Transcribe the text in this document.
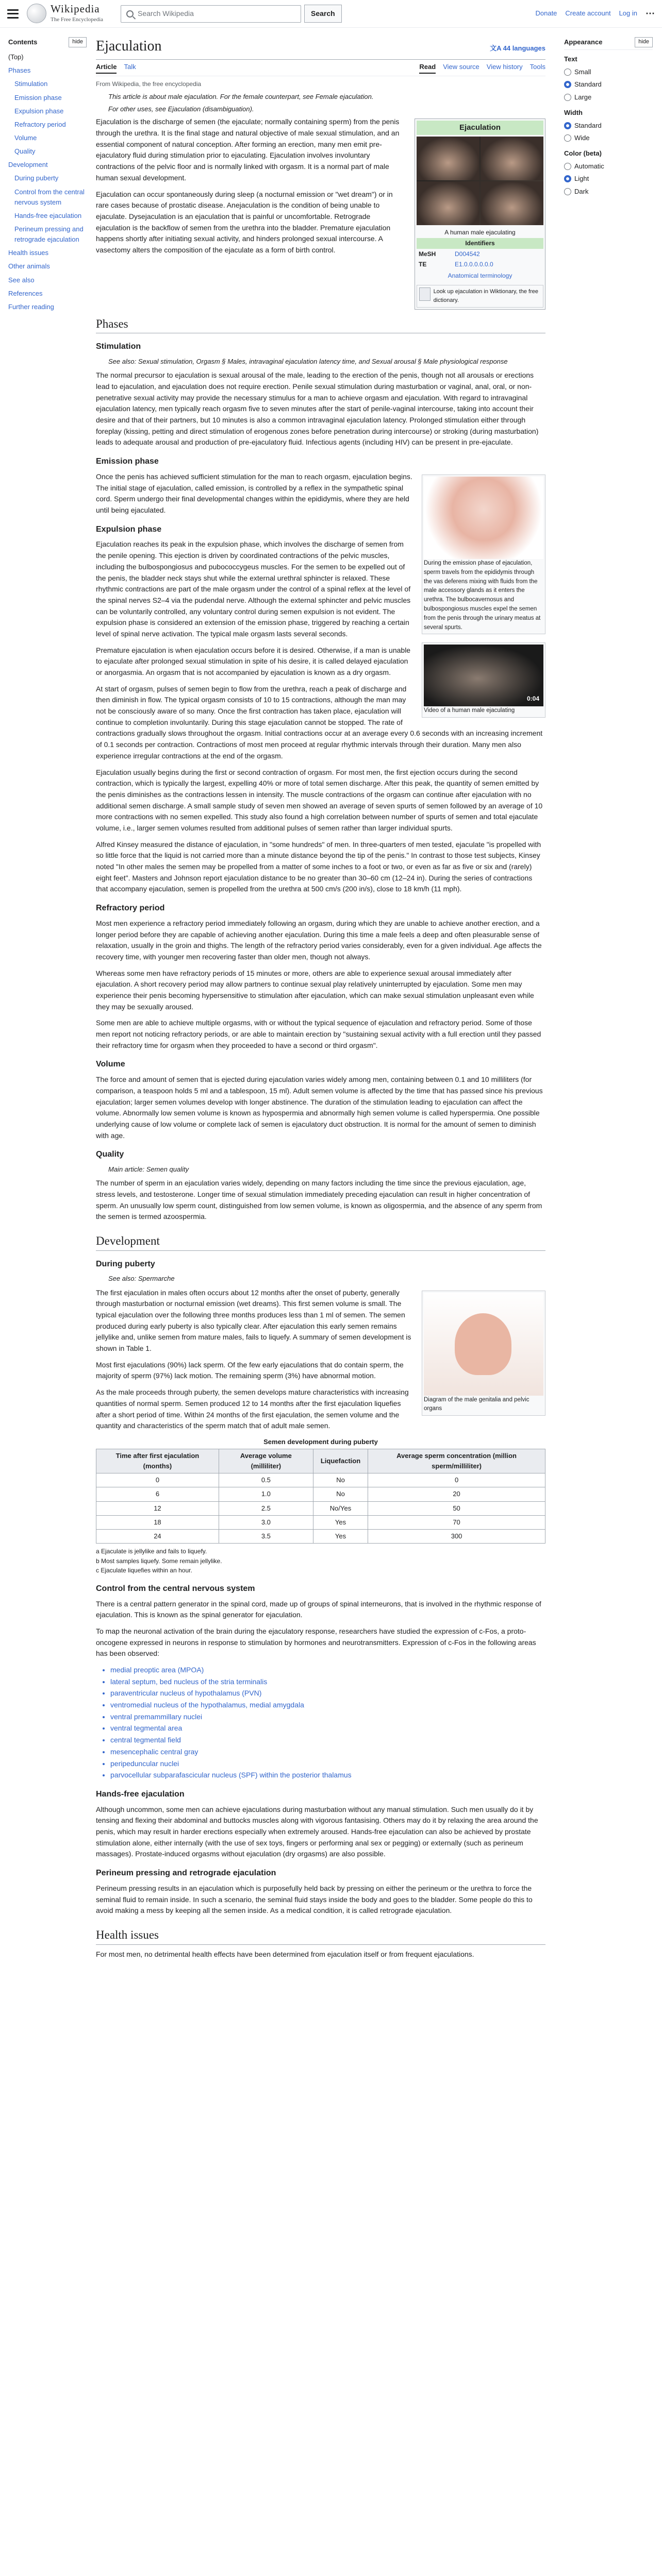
Wikipedia
The Free Encyclopedia
Search Wikipedia	Search	Donate Create account Log in ⋯
Contents	hide
(Top)
Phases
Stimulation
Emission phase
Expulsion phase
Refractory period
Volume
Quality
Development
During puberty
Control from the central nervous system
Hands-free ejaculation
Perineum pressing and retrograde ejaculation
Health issues
Other animals
See also
References
Further reading
Ejaculation	文A 44 languages
Article Talk	Read View source View history Tools
From Wikipedia, the free encyclopedia
This article is about male ejaculation. For the female counterpart, see Female ejaculation.
For other uses, see Ejaculation (disambiguation).
Ejaculation
A human male ejaculating
Identifiers
MeSH	D004542
TE	E1.0.0.0.0.0.0
Anatomical terminology
Look up ejaculation in Wiktionary, the free dictionary.

Ejaculation is the discharge of semen (the ejaculate; normally containing sperm) from the penis through the urethra. It is the final stage and natural objective of male sexual stimulation, and an essential component of natural conception. After forming an erection, many men emit pre-ejaculatory fluid during stimulation prior to ejaculating. Ejaculation involves involuntary contractions of the pelvic floor and is normally linked with orgasm. It is a normal part of male human sexual development.

Ejaculation can occur spontaneously during sleep (a nocturnal emission or "wet dream") or in rare cases because of prostatic disease. Anejaculation is the condition of being unable to ejaculate. Dysejaculation is an ejaculation that is painful or uncomfortable. Retrograde ejaculation is the backflow of semen from the urethra into the bladder. Premature ejaculation happens shortly after initiating sexual activity, and hinders prolonged sexual intercourse. A vasectomy alters the composition of the ejaculate as a form of birth control.

Phases
Stimulation
See also: Sexual stimulation, Orgasm § Males, intravaginal ejaculation latency time, and Sexual arousal § Male physiological response

The normal precursor to ejaculation is sexual arousal of the male, leading to the erection of the penis, though not all arousals or erections lead to ejaculation, and ejaculation does not require erection. Penile sexual stimulation during masturbation or vaginal, anal, oral, or non-penetrative sexual activity may provide the necessary stimulus for a man to achieve orgasm and ejaculation. With regard to intravaginal ejaculation latency, men typically reach orgasm five to seven minutes after the start of penile-vaginal intercourse, taking into account their desire and that of their partners, but 10 minutes is also a common intravaginal ejaculation latency. Prolonged stimulation either through foreplay (kissing, petting and direct stimulation of erogenous zones before penetration during intercourse) or stroking (during masturbation) leads to adequate arousal and production of pre-ejaculatory fluid. Infectious agents (including HIV) can be present in pre-ejaculate.

Emission phase
During the emission phase of ejaculation, sperm travels from the epididymis through the vas deferens mixing with fluids from the male accessory glands as it enters the urethra. The bulbocavernosus and bulbospongiosus muscles expel the semen from the penis through the urinary meatus at several spurts.

Once the penis has achieved sufficient stimulation for the man to reach orgasm, ejaculation begins. The initial stage of ejaculation, called emission, is controlled by a reflex in the sympathetic spinal cord. Sperm undergo their final developmental changes within the epididymis, where they are held until being ejaculated.

0:04
Video of a human male ejaculating
Expulsion phase

Ejaculation reaches its peak in the expulsion phase, which involves the discharge of semen from the penile opening. This ejection is driven by coordinated contractions of the pelvic muscles, including the bulbospongiosus and pubococcygeus muscles. For the semen to be expelled out of the penis, the bladder neck stays shut while the external urethral sphincter is relaxed. These rhythmic contractions are part of the male orgasm under the control of a spinal reflex at the level of the spinal nerves S2–4 via the pudendal nerve. Although the external sphincter and pelvic muscles can be voluntarily controlled, any voluntary control during semen expulsion is not evident. The expulsion phase is considered an extension of the emission phase, triggered by reaching a certain level of spinal nerve activation. The typical male orgasm lasts several seconds.

Premature ejaculation is when ejaculation occurs before it is desired. Otherwise, if a man is unable to ejaculate after prolonged sexual stimulation in spite of his desire, it is called delayed ejaculation or anorgasmia. An orgasm that is not accompanied by ejaculation is known as a dry orgasm.

At start of orgasm, pulses of semen begin to flow from the urethra, reach a peak of discharge and then diminish in flow. The typical orgasm consists of 10 to 15 contractions, although the man may not be consciously aware of so many. Once the first contraction has taken place, ejaculation will continue to completion involuntarily. During this stage ejaculation cannot be stopped. The rate of contractions gradually slows throughout the orgasm. Initial contractions occur at an average every 0.6 seconds with an increasing increment of 0.1 seconds per contraction. Contractions of most men proceed at regular rhythmic intervals through their duration. Many men also experience irregular contractions at the end of the orgasm.

Ejaculation usually begins during the first or second contraction of orgasm. For most men, the first ejection occurs during the second contraction, which is typically the largest, expelling 40% or more of total semen discharge. After this peak, the quantity of semen emitted by the penis diminishes as the contractions lessen in intensity. The muscle contractions of the orgasm can continue after ejaculation with no additional semen discharge. A small sample study of seven men showed an average of seven spurts of semen followed by an average of 10 more contractions with no semen expelled. This study also found a high correlation between number of spurts of semen and total ejaculate volume, i.e., larger semen volumes resulted from additional pulses of semen rather than larger individual spurts.

Alfred Kinsey measured the distance of ejaculation, in "some hundreds" of men. In three-quarters of men tested, ejaculate "is propelled with so little force that the liquid is not carried more than a minute distance beyond the tip of the penis." In contrast to those test subjects, Kinsey noted "In other males the semen may be propelled from a matter of some inches to a foot or two, or even as far as five or six and (rarely) eight feet". Masters and Johnson report ejaculation distance to be no greater than 30–60 cm (12–24 in). During the series of contractions that accompany ejaculation, semen is propelled from the urethra at 500 cm/s (200 in/s), close to 18 km/h (11 mph).

Refractory period

Most men experience a refractory period immediately following an orgasm, during which they are unable to achieve another erection, and a longer period before they are capable of achieving another ejaculation. During this time a male feels a deep and often pleasurable sense of relaxation, usually in the groin and thighs. The length of the refractory period varies considerably, even for a given individual. Age affects the recovery time, with younger men recovering faster than older men, though not always.

Whereas some men have refractory periods of 15 minutes or more, others are able to experience sexual arousal immediately after ejaculation. A short recovery period may allow partners to continue sexual play relatively uninterrupted by ejaculation. Some men may experience their penis becoming hypersensitive to stimulation after ejaculation, which can make sexual stimulation unpleasant even while they may be sexually aroused.

Some men are able to achieve multiple orgasms, with or without the typical sequence of ejaculation and refractory period. Some of those men report not noticing refractory periods, or are able to maintain erection by "sustaining sexual activity with a full erection until they passed their refractory time for orgasm when they proceeded to have a second or third orgasm".

Volume

The force and amount of semen that is ejected during ejaculation varies widely among men, containing between 0.1 and 10 milliliters (for comparison, a teaspoon holds 5 ml and a tablespoon, 15 ml). Adult semen volume is affected by the time that has passed since his previous ejaculation; larger semen volumes develop with longer abstinence. The duration of the stimulation leading to ejaculation can affect the volume. Abnormally low semen volume is known as hypospermia and abnormally high semen volume is called hyperspermia. One possible underlying cause of low volume or complete lack of semen is ejaculatory duct obstruction. It is normal for the amount of semen to diminish with age.

Quality
Main article: Semen quality

The number of sperm in an ejaculation varies widely, depending on many factors including the time since the previous ejaculation, age, stress levels, and testosterone. Longer time of sexual stimulation immediately preceding ejaculation can result in higher concentration of sperm. An unusually low sperm count, distinguished from low semen volume, is known as oligospermia, and the absence of any sperm from the semen is termed azoospermia.

Development
During puberty
See also: Spermarche
Diagram of the male genitalia and pelvic organs

The first ejaculation in males often occurs about 12 months after the onset of puberty, generally through masturbation or nocturnal emission (wet dreams). This first semen volume is small. The typical ejaculation over the following three months produces less than 1 ml of semen. The semen produced during early puberty is also typically clear. After ejaculation this early semen remains jellylike and, unlike semen from mature males, fails to liquefy. A summary of semen development is shown in Table 1.

Most first ejaculations (90%) lack sperm. Of the few early ejaculations that do contain sperm, the majority of sperm (97%) lack motion. The remaining sperm (3%) have abnormal motion.

As the male proceeds through puberty, the semen develops mature characteristics with increasing quantities of normal sperm. Semen produced 12 to 14 months after the first ejaculation liquefies after a short period of time. Within 24 months of the first ejaculation, the semen volume and the quantity and characteristics of the sperm match that of adult male semen.

Semen development during puberty
Time after first ejaculation (months)	Average volume (milliliter)	Liquefaction	Average sperm concentration (million sperm/milliliter)
0	0.5	No	0
6	1.0	No	20
12	2.5	No/Yes	50
18	3.0	Yes	70
24	3.5	Yes	300
a Ejaculate is jellylike and fails to liquefy.
b Most samples liquefy. Some remain jellylike.
c Ejaculate liquefies within an hour.
Control from the central nervous system

There is a central pattern generator in the spinal cord, made up of groups of spinal interneurons, that is involved in the rhythmic response of ejaculation. This is known as the spinal generator for ejaculation.

To map the neuronal activation of the brain during the ejaculatory response, researchers have studied the expression of c-Fos, a proto-oncogene expressed in neurons in response to stimulation by hormones and neurotransmitters. Expression of c-Fos in the following areas has been observed:

• medial preoptic area (MPOA)
• lateral septum, bed nucleus of the stria terminalis
• paraventricular nucleus of hypothalamus (PVN)
• ventromedial nucleus of the hypothalamus, medial amygdala
• ventral premammillary nuclei
• ventral tegmental area
• central tegmental field
• mesencephalic central gray
• peripeduncular nuclei
• parvocellular subparafascicular nucleus (SPF) within the posterior thalamus
Hands-free ejaculation

Although uncommon, some men can achieve ejaculations during masturbation without any manual stimulation. Such men usually do it by tensing and flexing their abdominal and buttocks muscles along with vigorous fantasising. Others may do it by relaxing the area around the penis, which may result in harder erections especially when extremely aroused. Hands-free ejaculation can also be achieved by prostate stimulation alone, either internally (with the use of sex toys, fingers or performing anal sex or pegging) or externally (such as perineum massages). Prostate-induced orgasms without ejaculation (dry orgasms) are also possible.

Perineum pressing and retrograde ejaculation

Perineum pressing results in an ejaculation which is purposefully held back by pressing on either the perineum or the urethra to force the seminal fluid to remain inside. In such a scenario, the seminal fluid stays inside the body and goes to the bladder. Some people do this to avoid making a mess by keeping all the semen inside. As a medical condition, it is called retrograde ejaculation.

Health issues

For most men, no detrimental health effects have been determined from ejaculation itself or from frequent ejaculations.

Appearance	hide
Text
Small
Standard
Large
Width
Standard
Wide
Color (beta)
Automatic
Light
Dark
